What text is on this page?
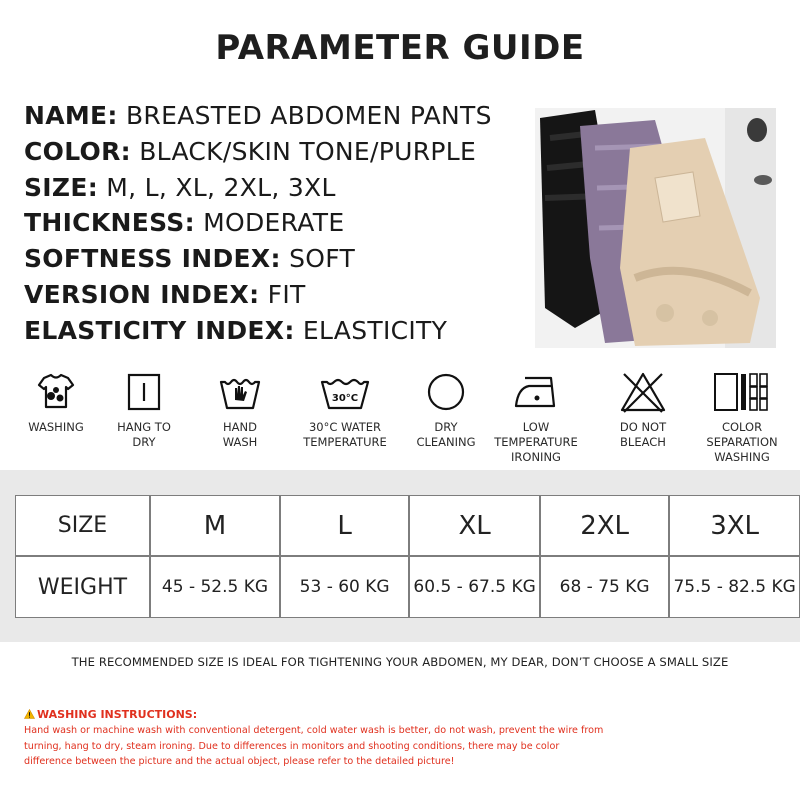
PARAMETER GUIDE
NAME: BREASTED ABDOMEN PANTS
COLOR: BLACK/SKIN TONE/PURPLE
SIZE: M, L, XL, 2XL, 3XL
THICKNESS: MODERATE
SOFTNESS INDEX: SOFT
VERSION INDEX: FIT
ELASTICITY INDEX: ELASTICITY
WASHING	HANG TO
DRY
HAND
WASH
30°C
30°C WATER
TEMPERATURE
DRY
CLEANING
LOW
TEMPERATURE
IRONING
DO NOT
BLEACH
COLOR
SEPARATION
WASHING
SIZE	M	L	XL	2XL	3XL
WEIGHT	45 - 52.5 KG	53 - 60 KG	60.5 - 67.5 KG	68 - 75 KG	75.5 - 82.5 KG
THE RECOMMENDED SIZE IS IDEAL FOR TIGHTENING YOUR ABDOMEN, MY DEAR, DON’T CHOOSE A SMALL SIZE
WASHING INSTRUCTIONS:
Hand wash or machine wash with conventional detergent, cold water wash is better, do not wash, prevent the wire from turning, hang to dry, steam ironing. Due to differences in monitors and shooting conditions, there may be color difference between the picture and the actual object, please refer to the detailed picture!
